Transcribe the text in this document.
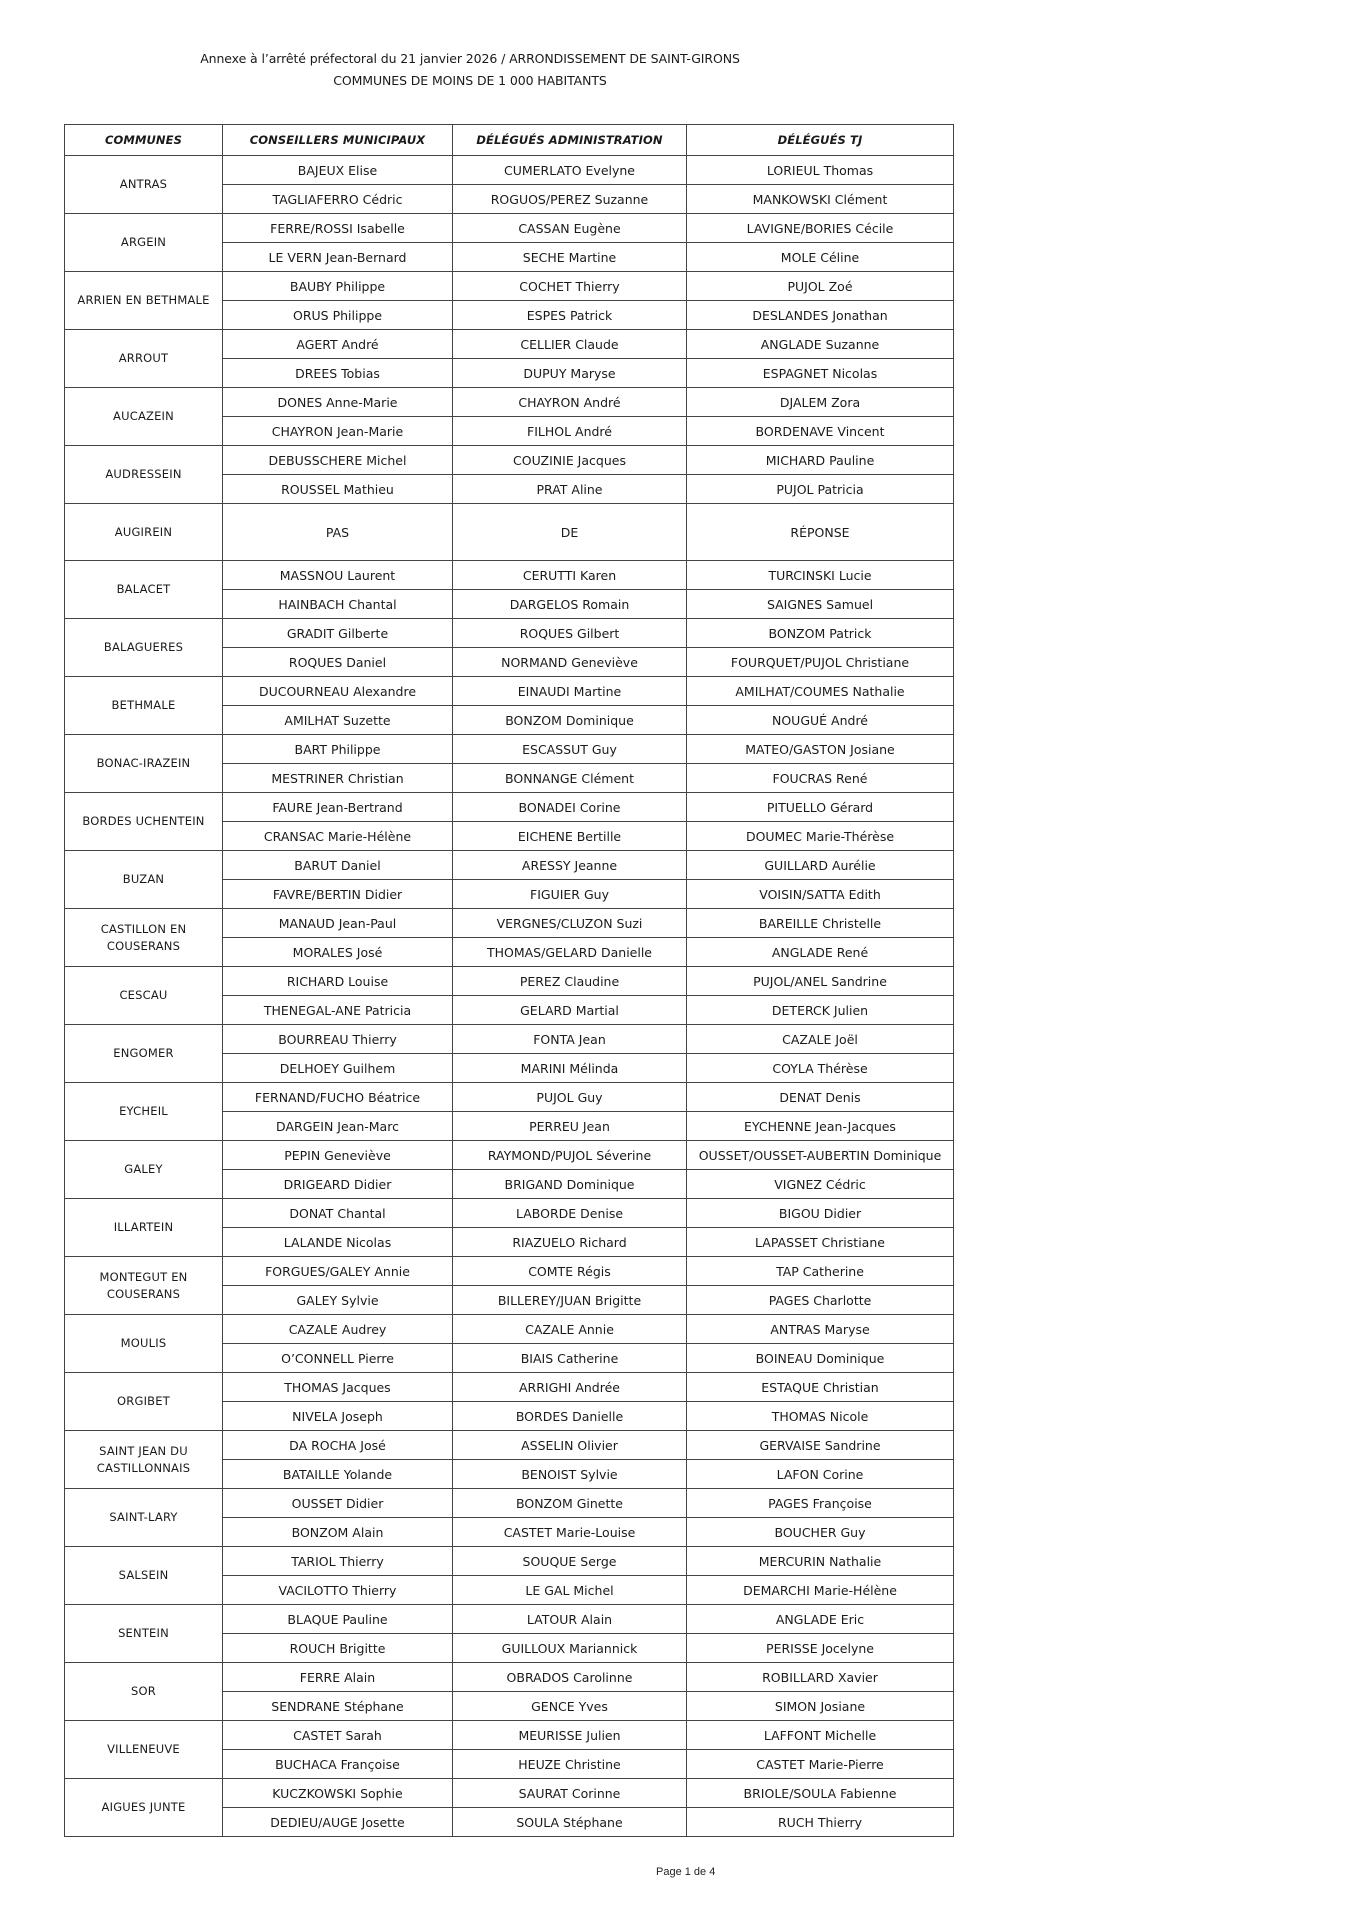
Annexe à l’arrêté préfectoral du 21 janvier 2026 / ARRONDISSEMENT DE SAINT-GIRONS
COMMUNES DE MOINS DE 1 000 HABITANTS
COMMUNES	CONSEILLERS MUNICIPAUX	DÉLÉGUÉS ADMINISTRATION	DÉLÉGUÉS TJ
ANTRAS	BAJEUX Elise	CUMERLATO Evelyne	LORIEUL Thomas
	TAGLIAFERRO Cédric	ROGUOS/PEREZ Suzanne	MANKOWSKI Clément
ARGEIN	FERRE/ROSSI Isabelle	CASSAN Eugène	LAVIGNE/BORIES Cécile
	LE VERN Jean-Bernard	SECHE Martine	MOLE Céline
ARRIEN EN BETHMALE	BAUBY Philippe	COCHET Thierry	PUJOL Zoé
	ORUS Philippe	ESPES Patrick	DESLANDES Jonathan
ARROUT	AGERT André	CELLIER Claude	ANGLADE Suzanne
	DREES Tobias	DUPUY Maryse	ESPAGNET Nicolas
AUCAZEIN	DONES Anne-Marie	CHAYRON André	DJALEM Zora
	CHAYRON Jean-Marie	FILHOL André	BORDENAVE Vincent
AUDRESSEIN	DEBUSSCHERE Michel	COUZINIE Jacques	MICHARD Pauline
	ROUSSEL Mathieu	PRAT Aline	PUJOL Patricia
AUGIREIN	PAS	DE	RÉPONSE
BALACET	MASSNOU Laurent	CERUTTI Karen	TURCINSKI Lucie
	HAINBACH Chantal	DARGELOS Romain	SAIGNES Samuel
BALAGUERES	GRADIT Gilberte	ROQUES Gilbert	BONZOM Patrick
	ROQUES Daniel	NORMAND Geneviève	FOURQUET/PUJOL Christiane
BETHMALE	DUCOURNEAU Alexandre	EINAUDI Martine	AMILHAT/COUMES Nathalie
	AMILHAT Suzette	BONZOM Dominique	NOUGUÉ André
BONAC-IRAZEIN	BART Philippe	ESCASSUT Guy	MATEO/GASTON Josiane
	MESTRINER Christian	BONNANGE Clément	FOUCRAS René
BORDES UCHENTEIN	FAURE Jean-Bertrand	BONADEI Corine	PITUELLO Gérard
	CRANSAC Marie-Hélène	EICHENE Bertille	DOUMEC Marie-Thérèse
BUZAN	BARUT Daniel	ARESSY Jeanne	GUILLARD Aurélie
	FAVRE/BERTIN Didier	FIGUIER Guy	VOISIN/SATTA Edith
CASTILLON EN COUSERANS	MANAUD Jean-Paul	VERGNES/CLUZON Suzi	BAREILLE Christelle
	MORALES José	THOMAS/GELARD Danielle	ANGLADE René
CESCAU	RICHARD Louise	PEREZ Claudine	PUJOL/ANEL Sandrine
	THENEGAL-ANE Patricia	GELARD Martial	DETERCK Julien
ENGOMER	BOURREAU Thierry	FONTA Jean	CAZALE Joël
	DELHOEY Guilhem	MARINI Mélinda	COYLA Thérèse
EYCHEIL	FERNAND/FUCHO Béatrice	PUJOL Guy	DENAT Denis
	DARGEIN Jean-Marc	PERREU Jean	EYCHENNE Jean-Jacques
GALEY	PEPIN Geneviève	RAYMOND/PUJOL Séverine	OUSSET/OUSSET-AUBERTIN Dominique
	DRIGEARD Didier	BRIGAND Dominique	VIGNEZ Cédric
ILLARTEIN	DONAT Chantal	LABORDE Denise	BIGOU Didier
	LALANDE Nicolas	RIAZUELO Richard	LAPASSET Christiane
MONTEGUT EN COUSERANS	FORGUES/GALEY Annie	COMTE Régis	TAP Catherine
	GALEY Sylvie	BILLEREY/JUAN Brigitte	PAGES Charlotte
MOULIS	CAZALE Audrey	CAZALE Annie	ANTRAS Maryse
	O’CONNELL Pierre	BIAIS Catherine	BOINEAU Dominique
ORGIBET	THOMAS Jacques	ARRIGHI Andrée	ESTAQUE Christian
	NIVELA Joseph	BORDES Danielle	THOMAS Nicole
SAINT JEAN DU CASTILLONNAIS	DA ROCHA José	ASSELIN Olivier	GERVAISE Sandrine
	BATAILLE Yolande	BENOIST Sylvie	LAFON Corine
SAINT-LARY	OUSSET Didier	BONZOM Ginette	PAGES Françoise
	BONZOM Alain	CASTET Marie-Louise	BOUCHER Guy
SALSEIN	TARIOL Thierry	SOUQUE Serge	MERCURIN Nathalie
	VACILOTTO Thierry	LE GAL Michel	DEMARCHI Marie-Hélène
SENTEIN	BLAQUE Pauline	LATOUR Alain	ANGLADE Eric
	ROUCH Brigitte	GUILLOUX Mariannick	PERISSE Jocelyne
SOR	FERRE Alain	OBRADOS Carolinne	ROBILLARD Xavier
	SENDRANE Stéphane	GENCE Yves	SIMON Josiane
VILLENEUVE	CASTET Sarah	MEURISSE Julien	LAFFONT Michelle
	BUCHACA Françoise	HEUZE Christine	CASTET Marie-Pierre
AIGUES JUNTE	KUCZKOWSKI Sophie	SAURAT Corinne	BRIOLE/SOULA Fabienne
	DEDIEU/AUGE Josette	SOULA Stéphane	RUCH Thierry
Page 1 de 4
